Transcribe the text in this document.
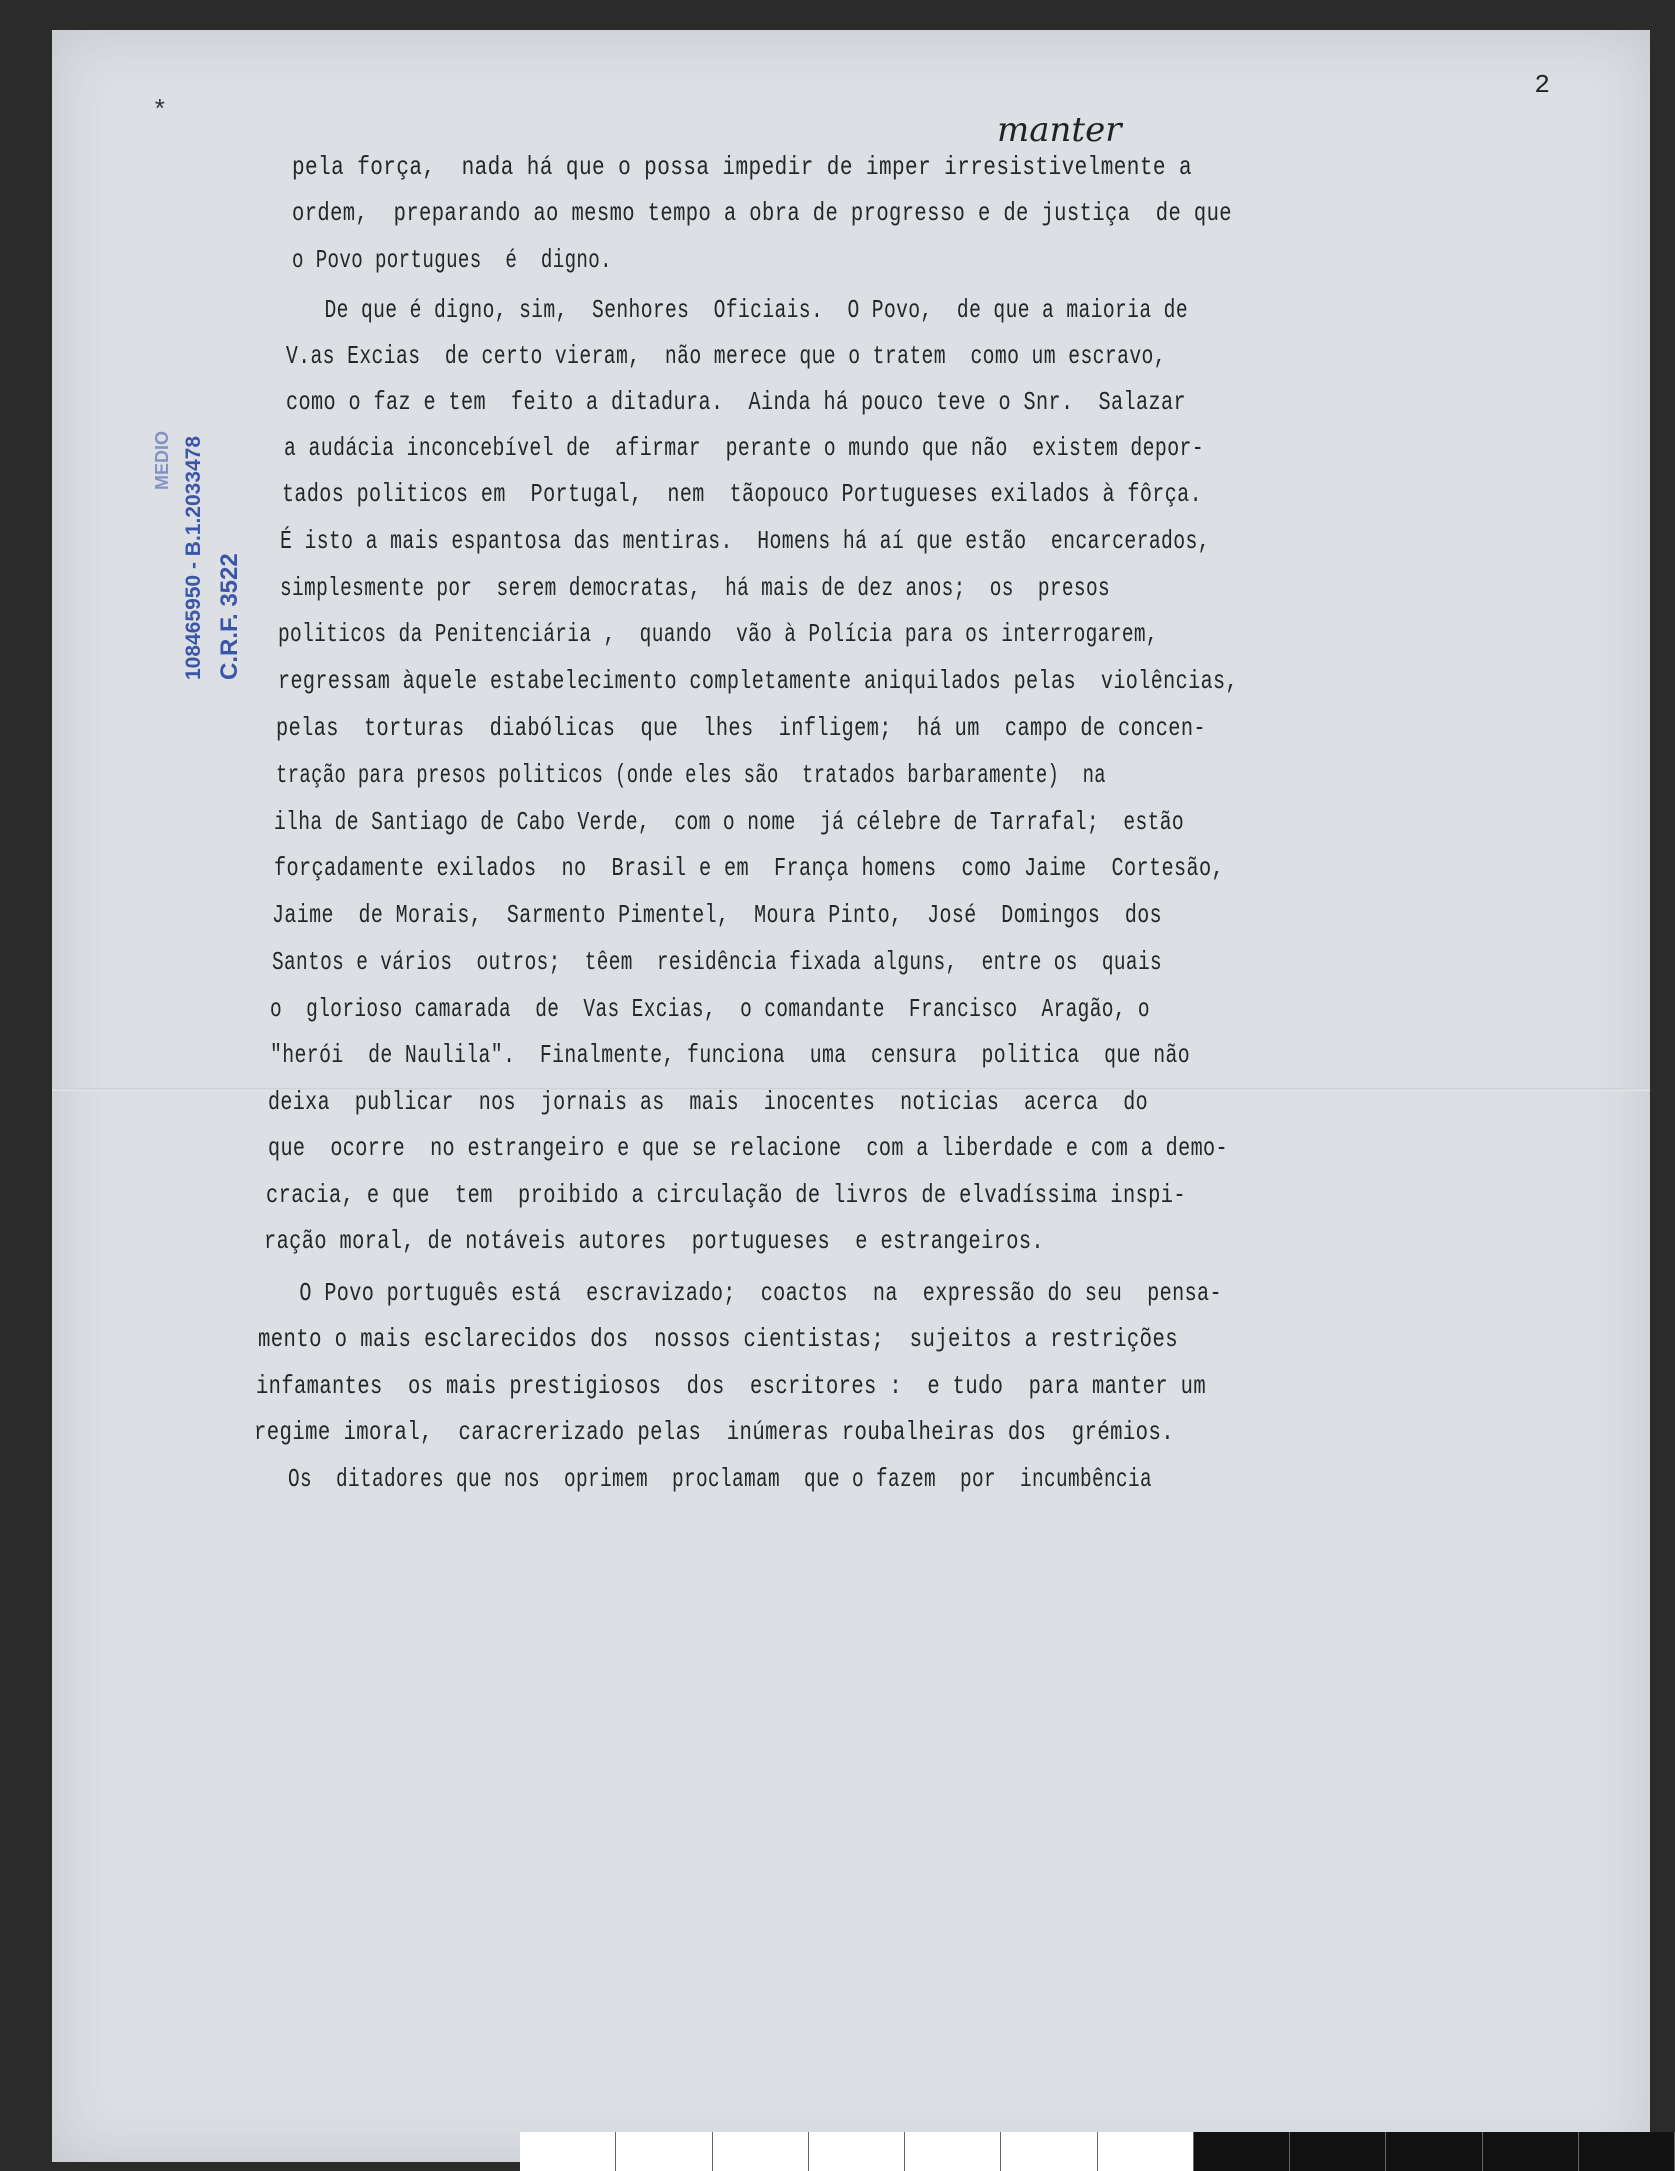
2
*
MEDIO 108465950 - B.1.2033478 C.R.F. 3522
manter
pela força,  nada há que o possa impedir de imper irresistivelmente a
ordem,  preparando ao mesmo tempo a obra de progresso e de justiça  de que
o Povo portugues  é  digno.
De que é digno, sim,  Senhores  Oficiais.  O Povo,  de que a maioria de
V.as Excias  de certo vieram,  não merece que o tratem  como um escravo,
como o faz e tem  feito a ditadura.  Ainda há pouco teve o Snr.  Salazar
a audácia inconcebível de  afirmar  perante o mundo que não  existem depor-
tados politicos em  Portugal,  nem  tãopouco Portugueses exilados à fôrça.
É isto a mais espantosa das mentiras.  Homens há aí que estão  encarcerados,
simplesmente por  serem democratas,  há mais de dez anos;  os  presos
politicos da Penitenciária ,  quando  vão à Polícia para os interrogarem,
regressam àquele estabelecimento completamente aniquilados pelas  violências,
pelas  torturas  diabólicas  que  lhes  infligem;  há um  campo de concen-
tração para presos politicos (onde eles são  tratados barbaramente)  na
ilha de Santiago de Cabo Verde,  com o nome  já célebre de Tarrafal;  estão
forçadamente exilados  no  Brasil e em  França homens  como Jaime  Cortesão,
Jaime  de Morais,  Sarmento Pimentel,  Moura Pinto,  José  Domingos  dos
Santos e vários  outros;  têem  residência fixada alguns,  entre os  quais
o  glorioso camarada  de  Vas Excias,  o comandante  Francisco  Aragão, o
"herói  de Naulila".  Finalmente, funciona  uma  censura  politica  que não
deixa  publicar  nos  jornais as  mais  inocentes  noticias  acerca  do
que  ocorre  no estrangeiro e que se relacione  com a liberdade e com a demo-
cracia, e que  tem  proibido a circulação de livros de elvadíssima inspi-
ração moral, de notáveis autores  portugueses  e estrangeiros.
O Povo português está  escravizado;  coactos  na  expressão do seu  pensa-
mento o mais esclarecidos dos  nossos cientistas;  sujeitos a restrições
infamantes  os mais prestigiosos  dos  escritores :  e tudo  para manter um
regime imoral,  caracrerizado pelas  inúmeras roubalheiras dos  grémios.
Os  ditadores que nos  oprimem  proclamam  que o fazem  por  incumbência
